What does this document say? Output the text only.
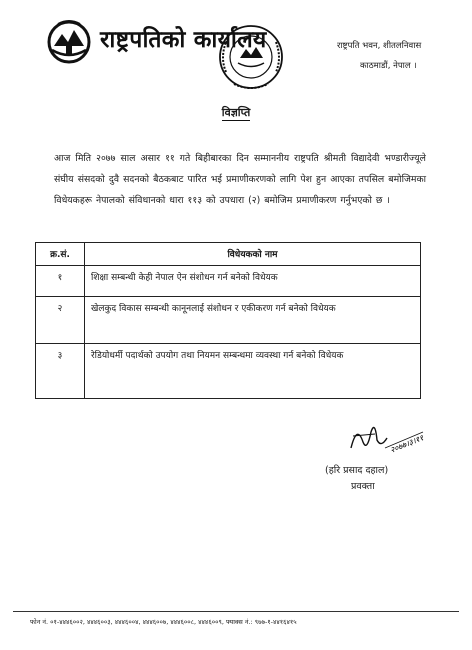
राष्ट्रपतिको कार्यालय	राष्ट्रपति भवन, शीतलनिवास
काठमाडौं, नेपाल ।
विज्ञप्ति
आज मिति २०७७ साल असार ११ गते बिहीबारका दिन सम्माननीय राष्ट्रपति श्रीमती विद्यादेवी भण्डारीज्यूले संघीय संसदको दुवै सदनको बैठकबाट पारित भई प्रमाणीकरणको लागि पेश हुन आएका तपसिल बमोजिमका विधेयकहरू नेपालको संविधानको धारा ११३ को उपधारा (२) बमोजिम प्रमाणीकरण गर्नुभएको छ ।
क्र.सं.	विधेयकको नाम
१	शिक्षा सम्बन्धी केही नेपाल ऐन संशोधन गर्न बनेको विधेयक
२	खेलकुद विकास सम्बन्धी कानूनलाई संशोधन र एकीकरण गर्न बनेको विधेयक
३	रेडियोधर्मी पदार्थको उपयोग तथा नियमन सम्बन्धमा व्यवस्था गर्न बनेको विधेयक
२०७७।३।११
(हरि प्रसाद दहाल)
प्रवक्ता
फोन नं. ०१-४४४६००२, ४४४६००३, ४४४६००४, ४४४६००७, ४४४६००८, ४४४६००९, फ्याक्स नं.: ९७७-१-४४१६४१५
